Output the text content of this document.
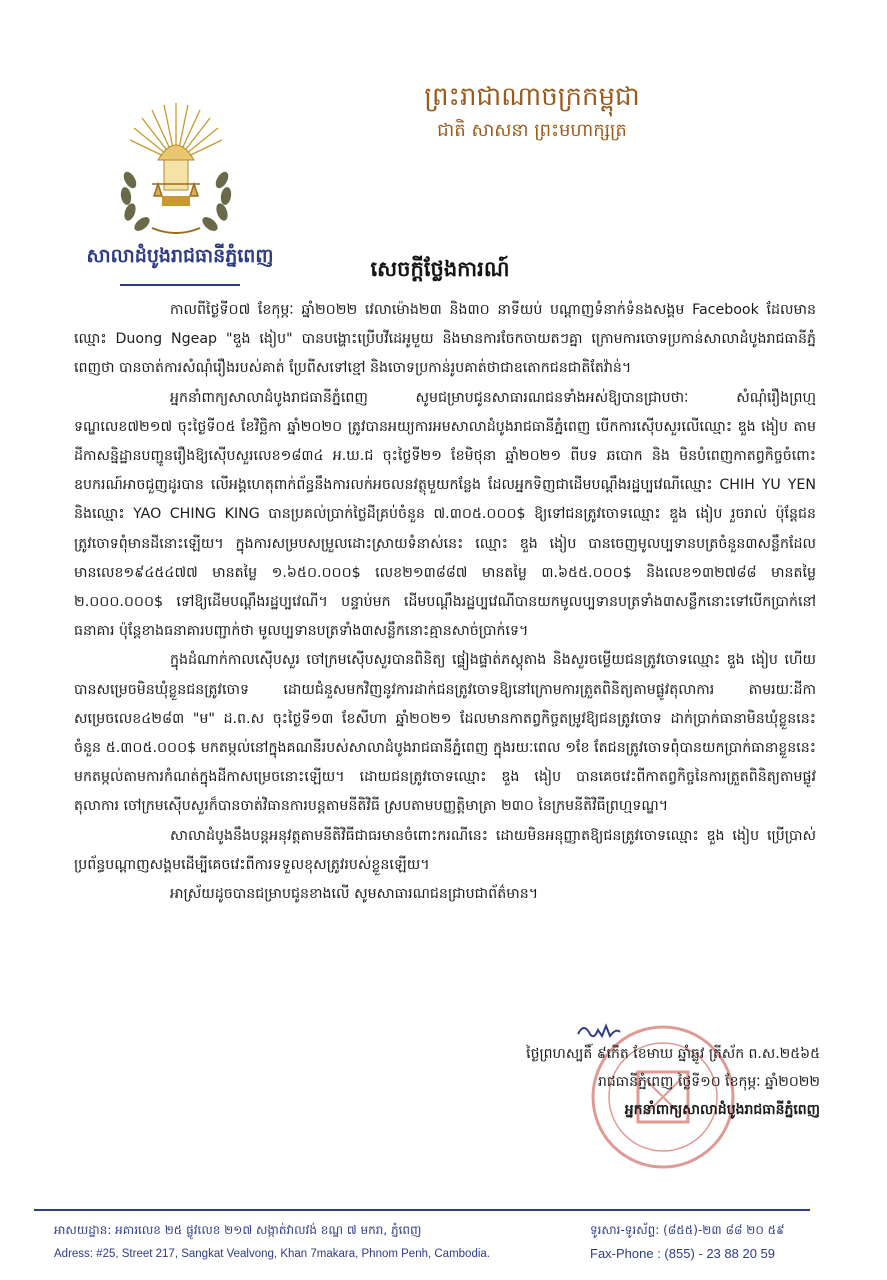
សាលាដំបូងរាជធានីភ្នំពេញ
ព្រះរាជាណាចក្រកម្ពុជា
ជាតិ សាសនា ព្រះមហាក្សត្រ
សេចក្តីថ្លែងការណ៍

កាលពីថ្ងៃទី០៧ ខែកុម្ភៈ ឆ្នាំ២០២២ វេលាម៉ោង២៣ និង៣០ នាទីយប់ បណ្ដាញទំនាក់ទំនងសង្គម Facebook ដែលមានឈ្មោះ Duong Ngeap "ឌួង ងៀប" បានបង្ហោះប្រើបវីដេអូមួយ និងមានការចែកចាយតៗគ្នា ក្រោមការចោទប្រកាន់សាលាដំបូងរាជធានីភ្នំពេញថា បានចាត់ការសំណុំរឿងរបស់គាត់ ប្រែពីសទៅខ្មៅ និងចោទប្រកាន់រូបគាត់ថាជាឧតោកជនជាតិតែវ៉ាន់។

អ្នកនាំពាក្យសាលាដំបូងរាជធានីភ្នំពេញ សូមជម្រាបជូនសាធារណជនទាំងអស់ឱ្យបានជ្រាបថាៈ សំណុំរឿងព្រហ្មទណ្ឌលេខ៧២១៧ ចុះថ្ងៃទី០៥ ខែវិច្ឆិកា ឆ្នាំ២០២០ ត្រូវបានអយ្យការអមសាលាដំបូងរាជធានីភ្នំពេញ បើកការស៊ើបសួរលើឈ្មោះ ឌួង ងៀប តាមដីកាសន្និដ្ឋានបញ្ជូនរឿងឱ្យស៊ើបសួរលេខ១៨៣៤ អ.ឃ.ជ ចុះថ្ងៃទី២១ ខែមិថុនា ឆ្នាំ២០២១ ពីបទ ឆបោក និង មិនបំពេញកាតព្វកិច្ចចំពោះឧបករណ៍អាចជួញដូរបាន លើអង្គហេតុពាក់ព័ន្ធនឹងការលក់អចលនវត្ថុមួយកន្លែង ដែលអ្នកទិញជាដើមបណ្តឹងរដ្ឋប្បវេណីឈ្មោះ CHIH YU YEN និងឈ្មោះ YAO CHING KING បានប្រគល់ប្រាក់ថ្លៃដីគ្រប់ចំនួន ៧.៣០៥.០០០$ ឱ្យទៅជនត្រូវចោទឈ្មោះ ឌួង ងៀប រួចរាល់ ប៉ុន្តែជនត្រូវចោទពុំមានដីនោះឡើយ។ ក្នុងការសម្របសម្រួលដោះស្រាយទំនាស់នេះ ឈ្មោះ ឌួង ងៀប បានចេញមូលប្បទានបត្រចំនួន៣សន្លឹកដែលមានលេខ១៩៤៥៤៧៧ មានតម្លៃ ១.៦៥០.០០០$ លេខ២១៣៨៨៧ មានតម្លៃ ៣.៦៥៥.០០០$ និងលេខ១៣២៧៨៨ មានតម្លៃ ២.០០០.០០០$ ទៅឱ្យដើមបណ្តឹងរដ្ឋប្បវេណី។ បន្ទាប់មក ដើមបណ្តឹងរដ្ឋប្បវេណីបានយកមូលប្បទានបត្រទាំង៣សន្លឹកនោះទៅបើកប្រាក់នៅធនាគារ ប៉ុន្តែខាងធនាគារបញ្ជាក់ថា មូលប្បទានបត្រទាំង៣សន្លឹកនោះគ្មានសាច់ប្រាក់ទេ។

ក្នុងដំណាក់កាលស៊ើបសួរ ចៅក្រមស៊ើបសួរបានពិនិត្យ ផ្ទៀងផ្ទាត់ភស្តុតាង និងសួរចម្លើយជនត្រូវចោទឈ្មោះ ឌួង ងៀប ហើយបានសម្រេចមិនឃុំខ្លួនជនត្រូវចោទ ដោយជំនួសមកវិញនូវការដាក់ជនត្រូវចោទឱ្យនៅក្រោមការត្រួតពិនិត្យតាមផ្លូវតុលាការ តាមរយៈដីកាសម្រេចលេខ៤២៨៣ "ម" ដ.ព.ស ចុះថ្ងៃទី១៣ ខែសីហា ឆ្នាំ២០២១ ដែលមានកាតព្វកិច្ចតម្រូវឱ្យជនត្រូវចោទ ដាក់ប្រាក់ធានាមិនឃុំខ្លួននេះ ចំនួន ៥.៣០៥.០០០$ មកតម្កល់នៅក្នុងគណនីរបស់សាលាដំបូងរាជធានីភ្នំពេញ ក្នុងរយៈពេល ១ខែ តែជនត្រូវចោទពុំបានយកប្រាក់ធានាខ្លួននេះ មកតម្កល់តាមការកំណត់ក្នុងដីកាសម្រេចនោះឡើយ។ ដោយជនត្រូវចោទឈ្មោះ ឌួង ងៀប បានគេចវេះពីកាតព្វកិច្ចនៃការត្រួតពិនិត្យតាមផ្លូវតុលាការ ចៅក្រមស៊ើបសួរក៏បានចាត់វិធានការបន្តតាមនីតិវិធី ស្របតាមបញ្ញត្តិមាត្រា ២៣០ នៃក្រមនីតិវិធីព្រហ្មទណ្ឌ។

សាលាដំបូងនឹងបន្តអនុវត្តតាមនីតិវិធីជាធរមានចំពោះករណីនេះ ដោយមិនអនុញ្ញាតឱ្យជនត្រូវចោទឈ្មោះ ឌួង ងៀប ប្រើប្រាស់ប្រព័ន្ធបណ្តាញសង្គមដើម្បីគេចវេះពីការទទួលខុសត្រូវរបស់ខ្លួនឡើយ។

អាស្រ័យដូចបានជម្រាបជូនខាងលើ សូមសាធារណជនជ្រាបជាព័ត៌មាន។

ថ្ងៃព្រហស្បតិ៍ ៩កើត ខែមាឃ ឆ្នាំឆ្លូវ ត្រីស័ក ព.ស.២៥៦៥
រាជធានីភ្នំពេញ ថ្ងៃទី១០ ខែកុម្ភៈ ឆ្នាំ២០២២
អ្នកនាំពាក្យសាលាដំបូងរាជធានីភ្នំពេញ
អាសយដ្ឋាន: អគារលេខ ២៥ ផ្លូវលេខ ២១៧ សង្កាត់វាលវង់ ខណ្ឌ ៧ មករា, ភ្នំពេញ
Adress: #25, Street 217, Sangkat Vealvong, Khan 7makara, Phnom Penh, Cambodia.
ទូរសារ-ទូរស័ព្ទ: (៨៥៥)-២៣ ៨៨ ២០ ៥៩
Fax-Phone : (855) - 23 88 20 59
